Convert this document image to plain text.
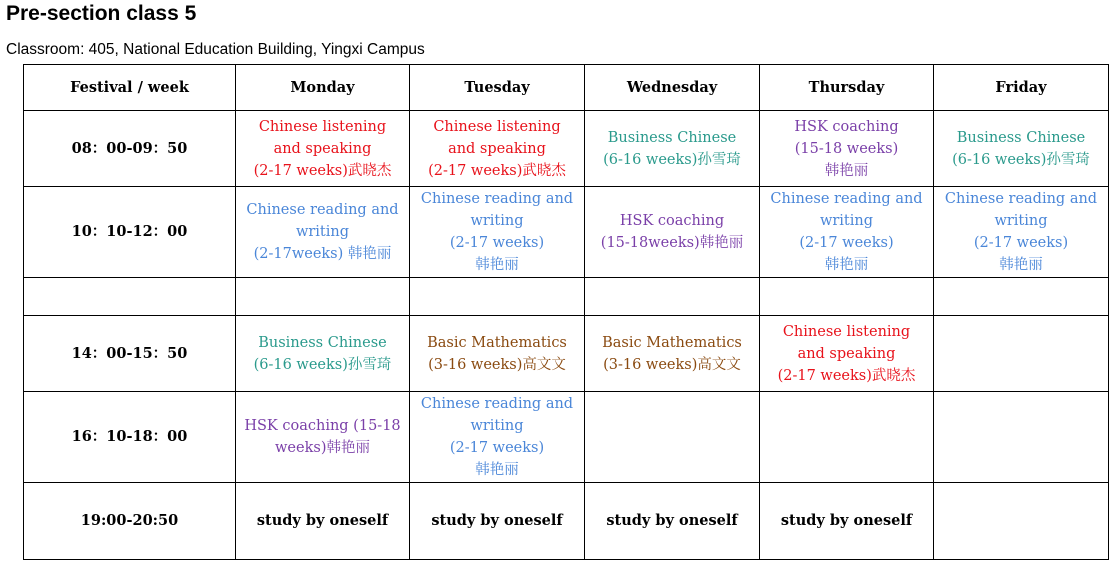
Pre-section class 5
Classroom: 405, National Education Building, Yingxi Campus
Festival / week	Monday	Tuesday	Wednesday	Thursday	Friday
08：00-09：50	Chinese listening
and speaking
(2-17 weeks)武晓杰	Chinese listening
and speaking
(2-17 weeks)武晓杰	Business Chinese
(6-16 weeks)孙雪琦	HSK coaching
(15-18 weeks)
韩艳丽	Business Chinese
(6-16 weeks)孙雪琦

10：10-12：00	Chinese reading and
writing
(2-17weeks) 韩艳丽	Chinese reading and
writing
(2-17 weeks)
韩艳丽	HSK coaching
(15-18weeks)韩艳丽	Chinese reading and
writing
(2-17 weeks)
韩艳丽	Chinese reading and
writing
(2-17 weeks)
韩艳丽

14：00-15：50	Business Chinese
(6-16 weeks)孙雪琦	Basic Mathematics
(3-16 weeks)高文文	Basic Mathematics
(3-16 weeks)高文文	Chinese listening
and speaking
(2-17 weeks)武晓杰	

16：10-18：00	HSK coaching (15-18
weeks)韩艳丽	Chinese reading and
writing
(2-17 weeks)
韩艳丽			

19:00-20:50	study by oneself	study by oneself	study by oneself	study by oneself	
